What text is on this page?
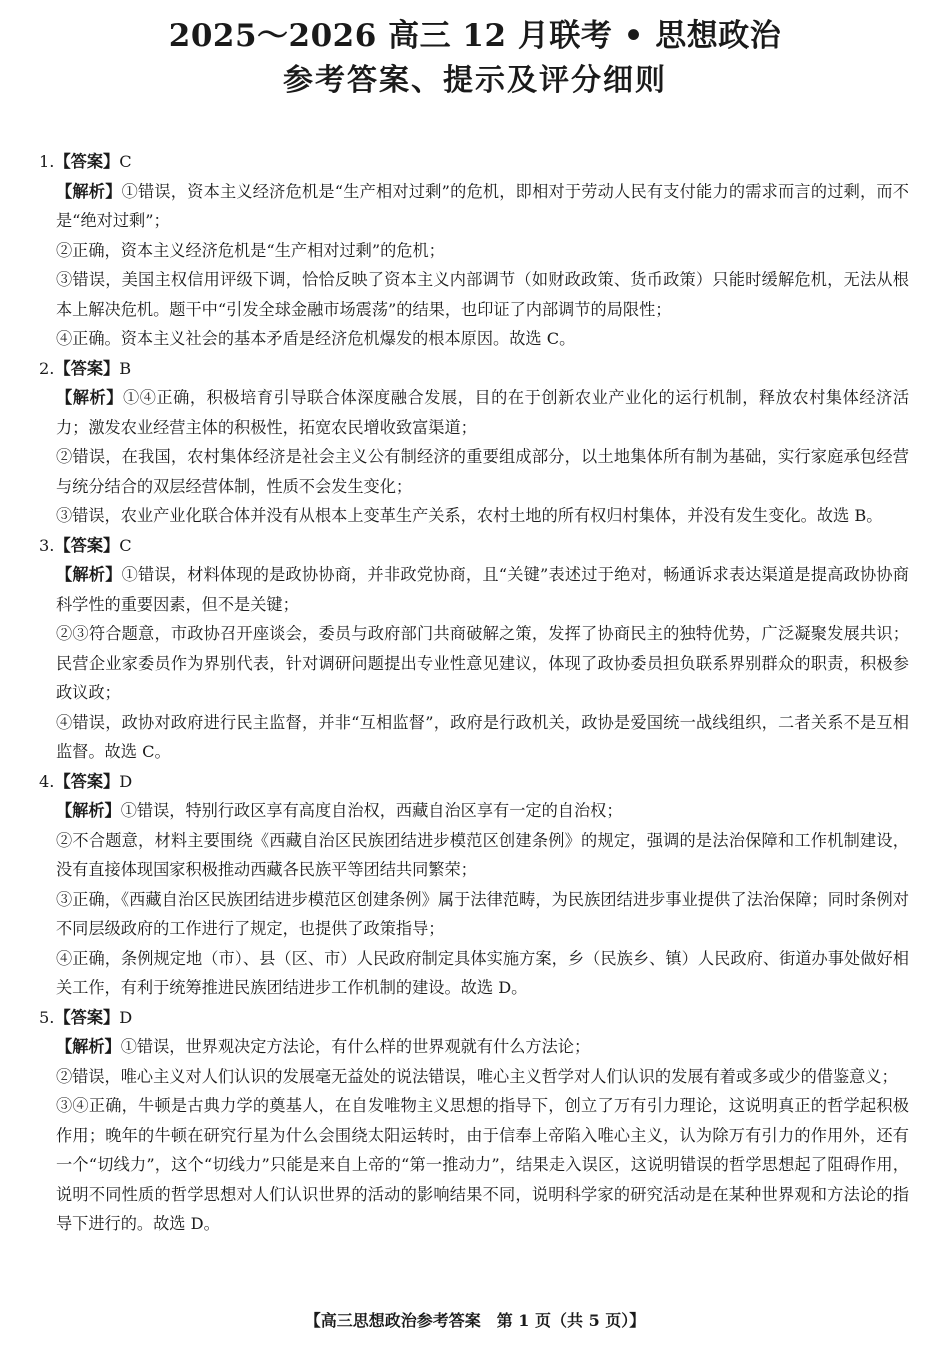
2025～2026 高三 12 月联考 • 思想政治
参考答案、提示及评分细则
1.【答案】C
【解析】①错误，资本主义经济危机是“生产相对过剩”的危机，即相对于劳动人民有支付能力的需求而言的过剩，而不是“绝对过剩”；
②正确，资本主义经济危机是“生产相对过剩”的危机；
③错误，美国主权信用评级下调，恰恰反映了资本主义内部调节（如财政政策、货币政策）只能时缓解危机，无法从根本上解决危机。题干中“引发全球金融市场震荡”的结果，也印证了内部调节的局限性；
④正确。资本主义社会的基本矛盾是经济危机爆发的根本原因。故选 C。
2.【答案】B
【解析】①④正确，积极培育引导联合体深度融合发展，目的在于创新农业产业化的运行机制，释放农村集体经济活力；激发农业经营主体的积极性，拓宽农民增收致富渠道；
②错误，在我国，农村集体经济是社会主义公有制经济的重要组成部分，以土地集体所有制为基础，实行家庭承包经营与统分结合的双层经营体制，性质不会发生变化；
③错误，农业产业化联合体并没有从根本上变革生产关系，农村土地的所有权归村集体，并没有发生变化。故选 B。
3.【答案】C
【解析】①错误，材料体现的是政协协商，并非政党协商，且“关键”表述过于绝对，畅通诉求表达渠道是提高政协协商科学性的重要因素，但不是关键；
②③符合题意，市政协召开座谈会，委员与政府部门共商破解之策，发挥了协商民主的独特优势，广泛凝聚发展共识；民营企业家委员作为界别代表，针对调研问题提出专业性意见建议，体现了政协委员担负联系界别群众的职责，积极参政议政；
④错误，政协对政府进行民主监督，并非“互相监督”，政府是行政机关，政协是爱国统一战线组织，二者关系不是互相监督。故选 C。
4.【答案】D
【解析】①错误，特别行政区享有高度自治权，西藏自治区享有一定的自治权；
②不合题意，材料主要围绕《西藏自治区民族团结进步模范区创建条例》的规定，强调的是法治保障和工作机制建设，没有直接体现国家积极推动西藏各民族平等团结共同繁荣；
③正确，《西藏自治区民族团结进步模范区创建条例》属于法律范畴，为民族团结进步事业提供了法治保障；同时条例对不同层级政府的工作进行了规定，也提供了政策指导；
④正确，条例规定地（市）、县（区、市）人民政府制定具体实施方案，乡（民族乡、镇）人民政府、街道办事处做好相关工作，有利于统筹推进民族团结进步工作机制的建设。故选 D。
5.【答案】D
【解析】①错误，世界观决定方法论，有什么样的世界观就有什么方法论；
②错误，唯心主义对人们认识的发展毫无益处的说法错误，唯心主义哲学对人们认识的发展有着或多或少的借鉴意义；
③④正确，牛顿是古典力学的奠基人，在自发唯物主义思想的指导下，创立了万有引力理论，这说明真正的哲学起积极作用；晚年的牛顿在研究行星为什么会围绕太阳运转时，由于信奉上帝陷入唯心主义，认为除万有引力的作用外，还有一个“切线力”，这个“切线力”只能是来自上帝的“第一推动力”，结果走入误区，这说明错误的哲学思想起了阻碍作用，说明不同性质的哲学思想对人们认识世界的活动的影响结果不同，说明科学家的研究活动是在某种世界观和方法论的指导下进行的。故选 D。
【高三思想政治参考答案　第 1 页（共 5 页）】
